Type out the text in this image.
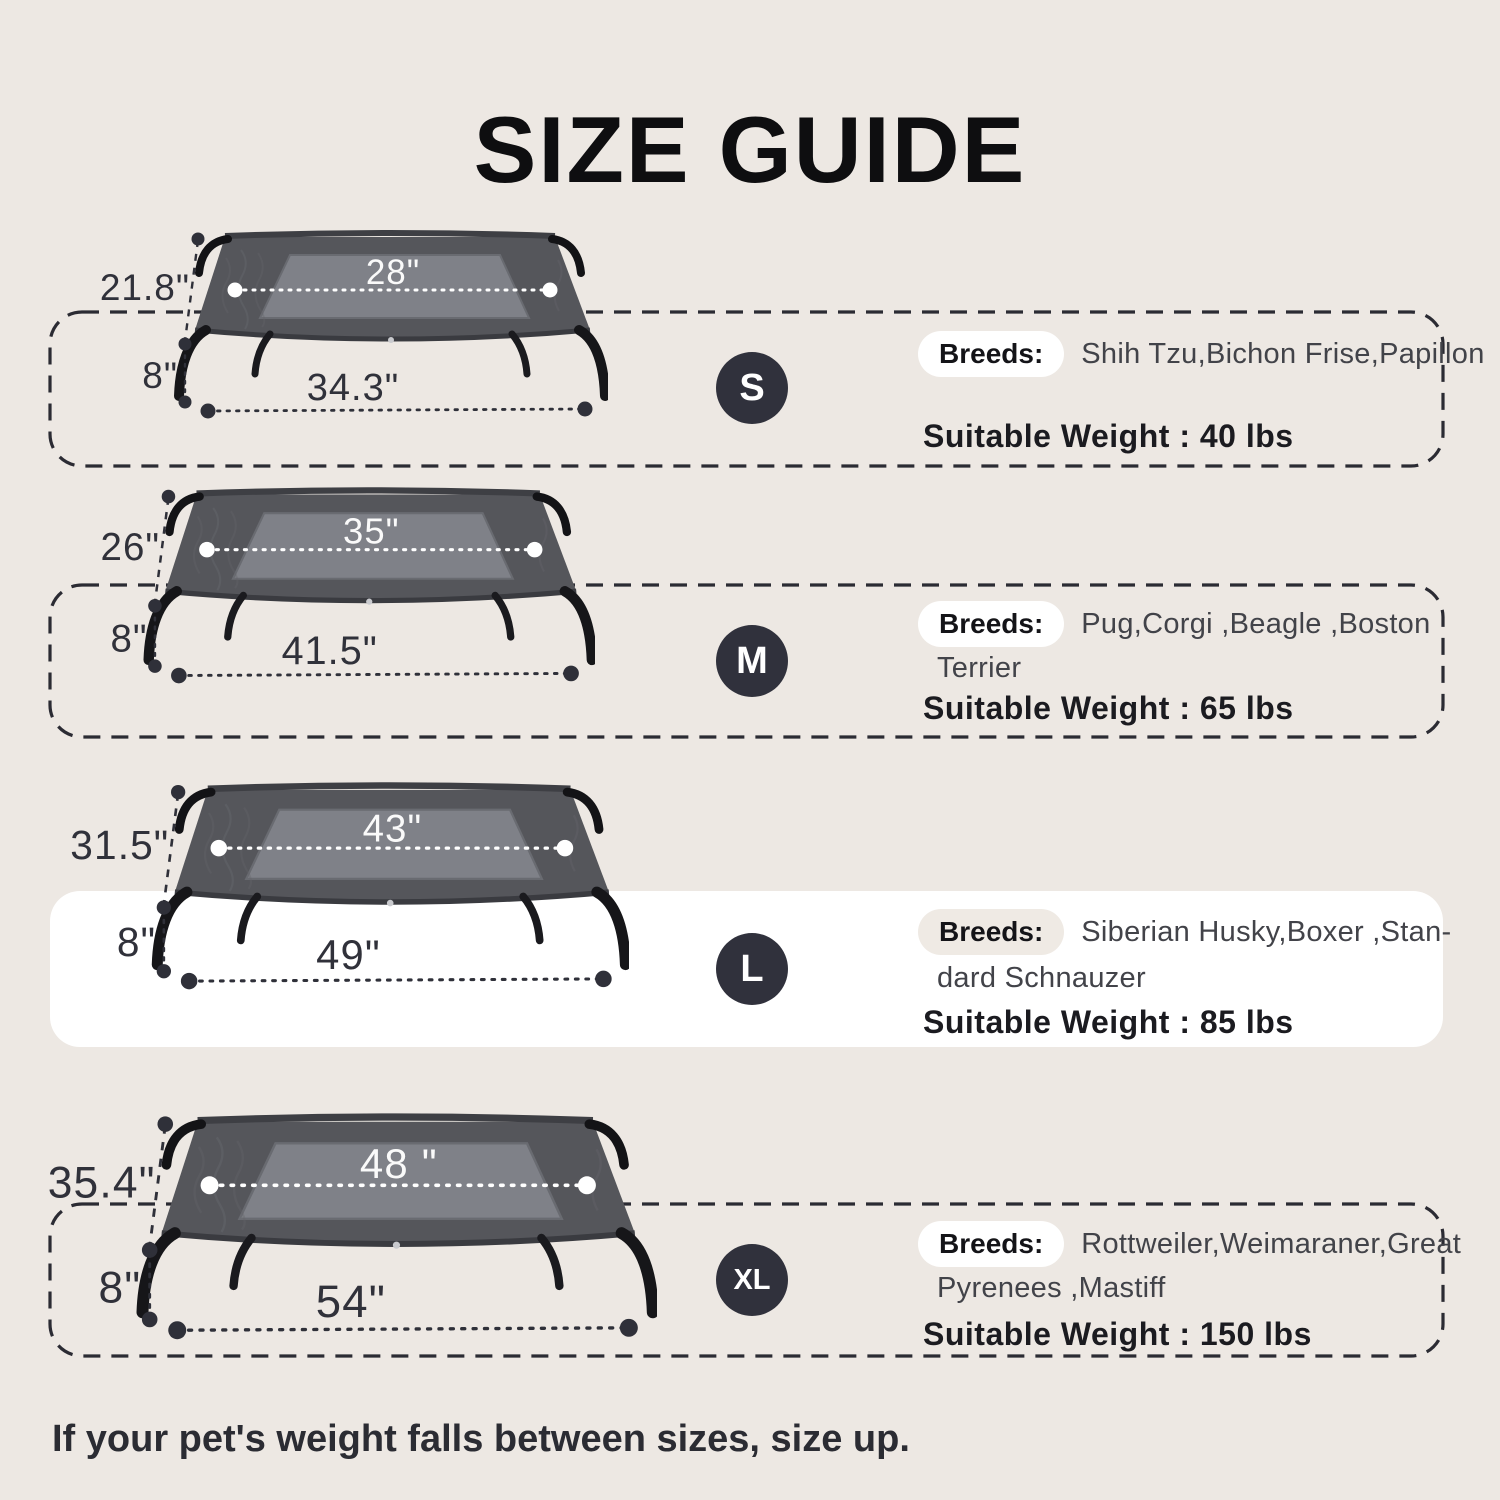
SIZE GUIDE
28"
21.8"
8"	34.3"
35"
26"
8"	41.5"
43"
31.5"
8"	49"
48 "
35.4"
8"	54"
S
M
L
XL
Breeds:	Shih Tzu,Bichon Frise,Papillon
Suitable Weight : 40 lbs
Breeds:	Pug,Corgi ,Beagle ,Boston
Terrier
Suitable Weight : 65 lbs
Breeds:	Siberian Husky,Boxer ,Stan-
dard Schnauzer
Suitable Weight : 85 lbs
Breeds:	Rottweiler,Weimaraner,Great
Pyrenees ,Mastiff
Suitable Weight : 150 lbs
If your pet's weight falls between sizes, size up.
